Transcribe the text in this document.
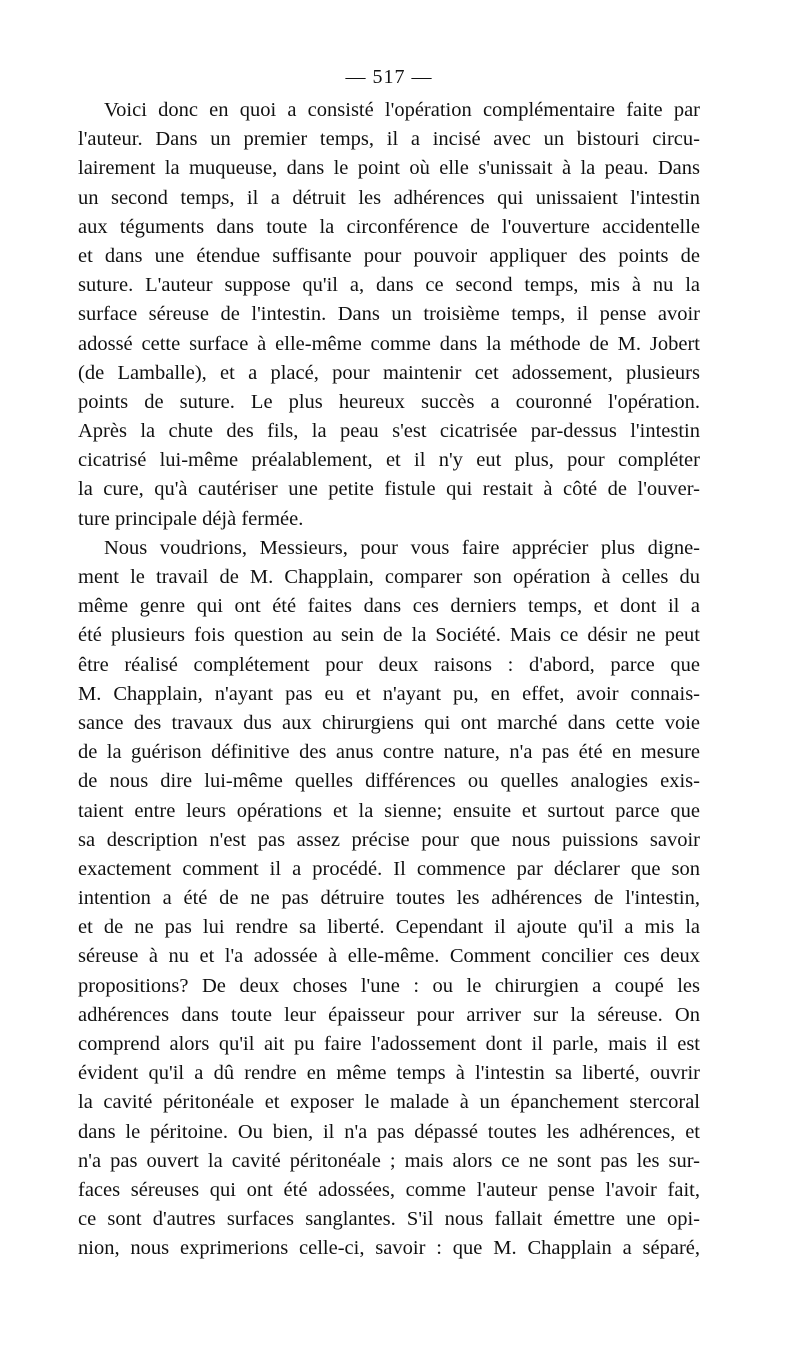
— 517 —
Voici donc en quoi a consisté l'opération complémentaire faite par
l'auteur. Dans un premier temps, il a incisé avec un bistouri circu-
lairement la muqueuse, dans le point où elle s'unissait à la peau. Dans
un second temps, il a détruit les adhérences qui unissaient l'intestin
aux téguments dans toute la circonférence de l'ouverture accidentelle
et dans une étendue suffisante pour pouvoir appliquer des points de
suture. L'auteur suppose qu'il a, dans ce second temps, mis à nu la
surface séreuse de l'intestin. Dans un troisième temps, il pense avoir
adossé cette surface à elle-même comme dans la méthode de M. Jobert
(de Lamballe), et a placé, pour maintenir cet adossement, plusieurs
points de suture. Le plus heureux succès a couronné l'opération.
Après la chute des fils, la peau s'est cicatrisée par-dessus l'intestin
cicatrisé lui-même préalablement, et il n'y eut plus, pour compléter
la cure, qu'à cautériser une petite fistule qui restait à côté de l'ouver-
ture principale déjà fermée.
Nous voudrions, Messieurs, pour vous faire apprécier plus digne-
ment le travail de M. Chapplain, comparer son opération à celles du
même genre qui ont été faites dans ces derniers temps, et dont il a
été plusieurs fois question au sein de la Société. Mais ce désir ne peut
être réalisé complétement pour deux raisons : d'abord, parce que
M. Chapplain, n'ayant pas eu et n'ayant pu, en effet, avoir connais-
sance des travaux dus aux chirurgiens qui ont marché dans cette voie
de la guérison définitive des anus contre nature, n'a pas été en mesure
de nous dire lui-même quelles différences ou quelles analogies exis-
taient entre leurs opérations et la sienne; ensuite et surtout parce que
sa description n'est pas assez précise pour que nous puissions savoir
exactement comment il a procédé. Il commence par déclarer que son
intention a été de ne pas détruire toutes les adhérences de l'intestin,
et de ne pas lui rendre sa liberté. Cependant il ajoute qu'il a mis la
séreuse à nu et l'a adossée à elle-même. Comment concilier ces deux
propositions? De deux choses l'une : ou le chirurgien a coupé les
adhérences dans toute leur épaisseur pour arriver sur la séreuse. On
comprend alors qu'il ait pu faire l'adossement dont il parle, mais il est
évident qu'il a dû rendre en même temps à l'intestin sa liberté, ouvrir
la cavité péritonéale et exposer le malade à un épanchement stercoral
dans le péritoine. Ou bien, il n'a pas dépassé toutes les adhérences, et
n'a pas ouvert la cavité péritonéale ; mais alors ce ne sont pas les sur-
faces séreuses qui ont été adossées, comme l'auteur pense l'avoir fait,
ce sont d'autres surfaces sanglantes. S'il nous fallait émettre une opi-
nion, nous exprimerions celle-ci, savoir : que M. Chapplain a séparé,
